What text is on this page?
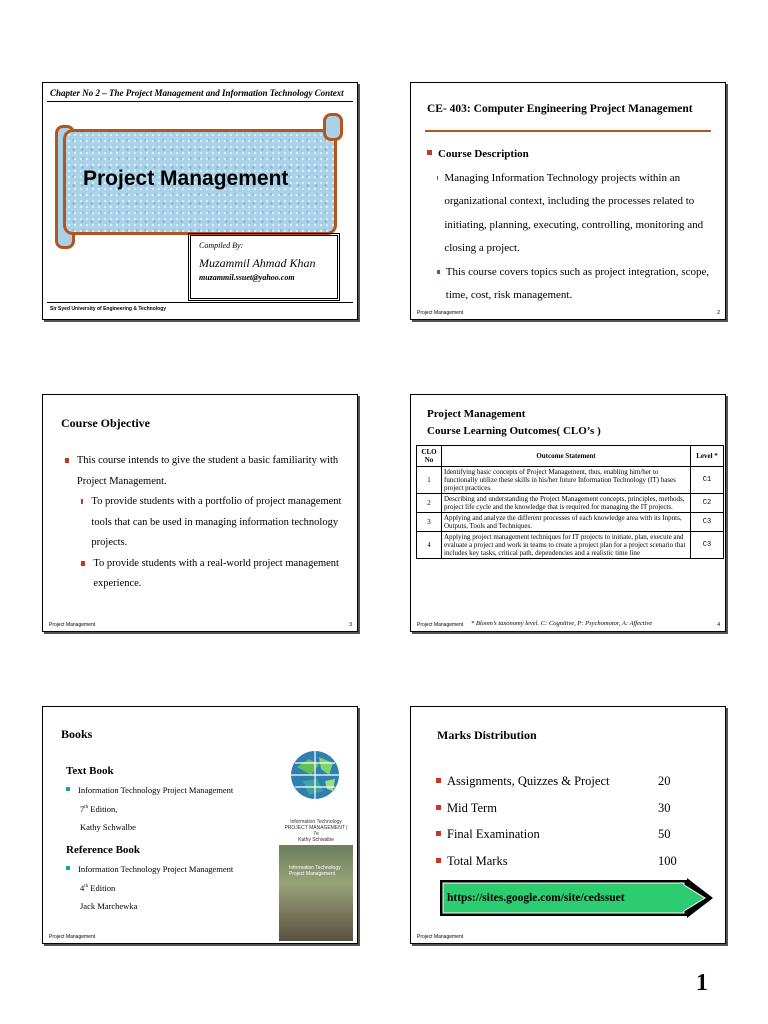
Chapter No 2 – The Project Management and Information Technology Context
Project Management
Compiled By:
Muzammil Ahmad Khan
muzammil.ssuet@yahoo.com
Sir Syed University of Engineering & Technology
CE- 403: Computer Engineering Project Management
Course Description
Managing Information Technology projects within an organizational context, including the processes related to initiating, planning, executing, controlling, monitoring and closing a project.
This course covers topics such as project integration, scope, time, cost, risk management.
Project Management	2
Course Objective
This course intends to give the student a basic familiarity with Project Management.
To provide students with a portfolio of project management tools that can be used in managing information technology projects.
To provide students with a real-world project management experience.
Project Management	3
Project Management
Course Learning Outcomes( CLO’s )
CLO No	Outcome Statement	Level *
1	Identifying basic concepts of Project Management, thus, enabling him/her to functionally utilize these skills in his/her future Information Technology (IT) bases project practices.	C1
2	Describing and understanding the Project Management concepts, principles, methods, project life cycle and the knowledge that is required for managing the IT projects.	C2
3	Applying and analyze the different processes of each knowledge area with its Inputs, Outputs, Tools and Techniques.	C3
4	Applying project management techniques for IT projects to initiate, plan, execute and evaluate a project and work in teams to create a project plan for a project scenario that includes key tasks, critical path, dependencies and a realistic time line	C3
Project Management * Bloom’s taxonomy level. C: Cognitive, P: Psychomotor, A: Affective	4
Books
Text Book
Information Technology Project Management
7th Edition,
Kathy Schwalbe
Reference Book
Information Technology Project Management
4th Edition
Jack Marchewka
Information Technology PROJECT MANAGEMENT | 7e
Kathy Schwalbe
Information Technology Project Management
Project Management
Marks Distribution
Assignments, Quizzes & Project	20
Mid Term	30
Final Examination	50
Total Marks	100
https://sites.google.com/site/cedssuet
Project Management
1
